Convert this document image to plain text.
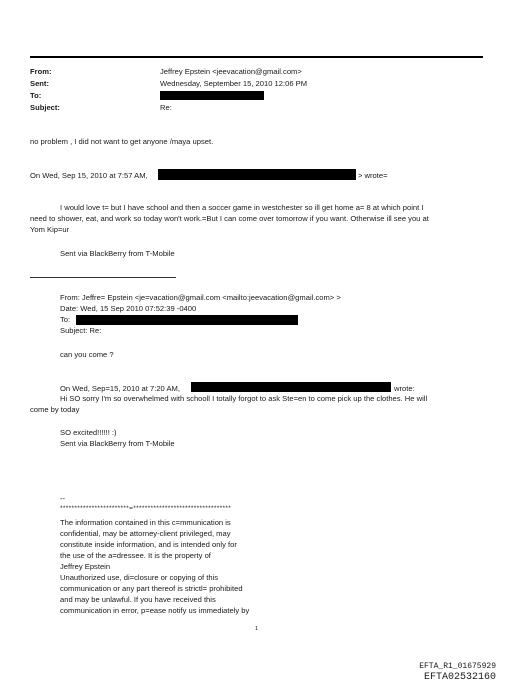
From:
Sent:
To:
Subject:
Jeffrey Epstein <jeevacation@gmail.com>
Wednesday, September 15, 2010 12:06 PM
Re:
no problem , I did not want to get anyone /maya upset.
On Wed, Sep 15, 2010 at 7:57 AM,	> wrote=
I would love t= but I have school and then a soccer game in westchester so ill get home a= 8 at which point I
need to shower, eat, and work so today won't work.=But I can come over tomorrow if you want. Otherwise ill see you at
Yom Kip=ur
Sent via BlackBerry from T-Mobile
From: Jeffre= Epstein <je=vacation@gmail.com <mailto:jeevacation@gmail.com> >
Date: Wed, 15 Sep 2010 07:52:39 -0400
To:
Subject: Re:
can you come ?
On Wed, Sep=15, 2010 at 7:20 AM,	wrote:
Hi SO sorry I'm so overwhelmed with schooll I totally forgot to ask Ste=en to come pick up the clothes. He will
come by today
SO excited!!!!!! :)
Sent via BlackBerry from T-Mobile
--
************************=**********************************
The information contained in this c=mmunication is
confidential, may be attorney-client privileged, may
constitute inside information, and is intended only for
the use of the a=dressee. It is the property of
Jeffrey Epstein
Unauthorized use, di=closure or copying of this
communication or any part thereof is strictl= prohibited
and may be unlawful. If you have received this
communication in error, p=ease notify us immediately by
1
EFTA_R1_01675929
EFTA02532160
